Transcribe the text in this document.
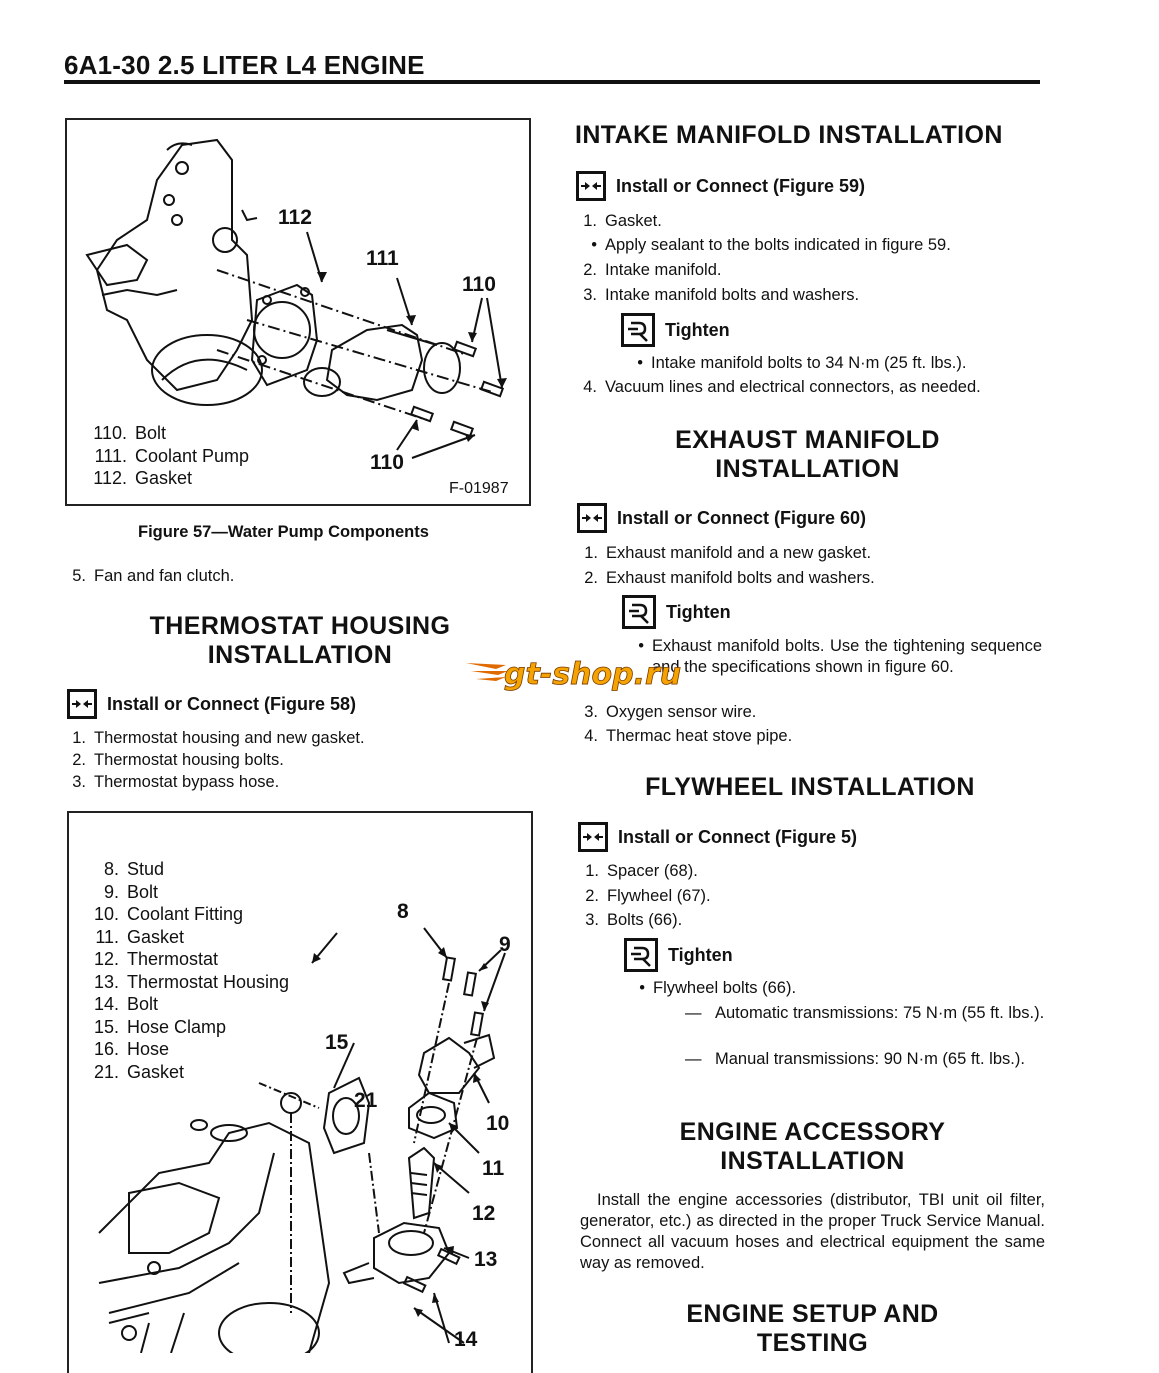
6A1-30 2.5 LITER L4 ENGINE
112
111
110
110
110. Bolt
111. Coolant Pump
112. Gasket
F-01987
Figure 57—Water Pump Components
5. Fan and fan clutch.
THERMOSTAT HOUSING
INSTALLATION
Install or Connect (Figure 58)
1. Thermostat housing and new gasket.
2. Thermostat housing bolts.
3. Thermostat bypass hose.
8. Stud
9. Bolt
10. Coolant Fitting
11. Gasket
12. Thermostat
13. Thermostat Housing
14. Bolt
15. Hose Clamp
16. Hose
21. Gasket
8
9
15
21
10
11
12
13
14
INTAKE MANIFOLD INSTALLATION
Install or Connect (Figure 59)
1. Gasket.
• Apply sealant to the bolts indicated in figure 59.
2. Intake manifold.
3. Intake manifold bolts and washers.
Tighten
• Intake manifold bolts to 34 N·m (25 ft. lbs.).
4. Vacuum lines and electrical connectors, as needed.
EXHAUST MANIFOLD
INSTALLATION
Install or Connect (Figure 60)
1. Exhaust manifold and a new gasket.
2. Exhaust manifold bolts and washers.
Tighten
• Exhaust manifold bolts. Use the tightening sequence and the specifications shown in figure 60.
3. Oxygen sensor wire.
4. Thermac heat stove pipe.
gt-shop.ru
FLYWHEEL INSTALLATION
Install or Connect (Figure 5)
1. Spacer (68).
2. Flywheel (67).
3. Bolts (66).
Tighten
• Flywheel bolts (66).
— Automatic transmissions: 75 N·m (55 ft. lbs.).
— Manual transmissions: 90 N·m (65 ft. lbs.).
ENGINE ACCESSORY
INSTALLATION
Install the engine accessories (distributor, TBI unit oil filter, generator, etc.) as directed in the proper Truck Service Manual. Connect all vacuum hoses and electrical equipment the same way as removed.
ENGINE SETUP AND
TESTING
